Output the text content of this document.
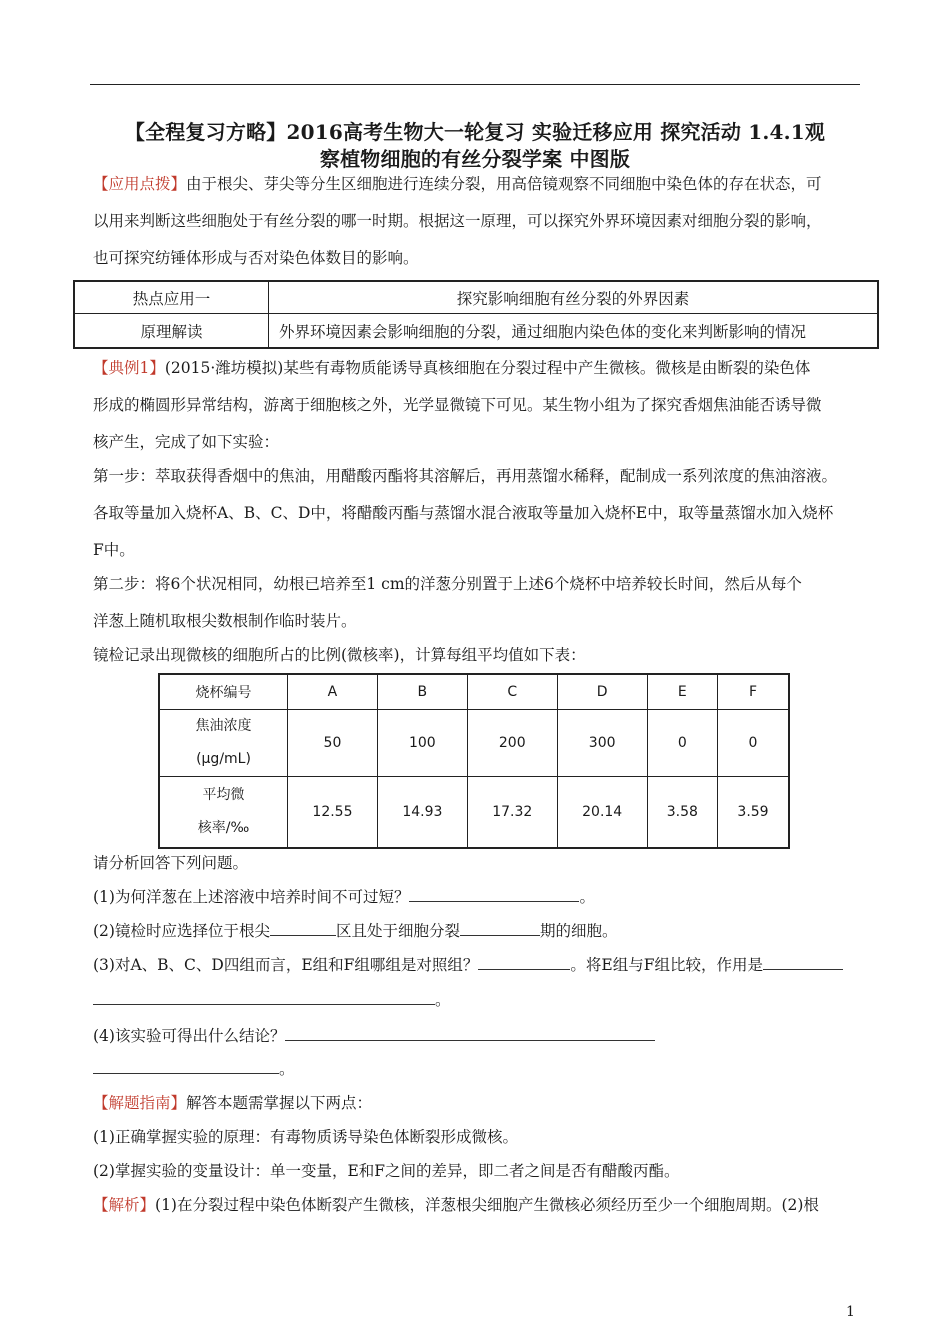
【全程复习方略】2016高考生物大一轮复习 实验迁移应用 探究活动 1.4.1观
察植物细胞的有丝分裂学案 中图版
【应用点拨】由于根尖、芽尖等分生区细胞进行连续分裂，用高倍镜观察不同细胞中染色体的存在状态，可
以用来判断这些细胞处于有丝分裂的哪一时期。根据这一原理，可以探究外界环境因素对细胞分裂的影响，
也可探究纺锤体形成与否对染色体数目的影响。
热点应用一	探究影响细胞有丝分裂的外界因素
原理解读	外界环境因素会影响细胞的分裂，通过细胞内染色体的变化来判断影响的情况
【典例1】(2015·潍坊模拟)某些有毒物质能诱导真核细胞在分裂过程中产生微核。微核是由断裂的染色体
形成的椭圆形异常结构，游离于细胞核之外，光学显微镜下可见。某生物小组为了探究香烟焦油能否诱导微
核产生，完成了如下实验：
第一步：萃取获得香烟中的焦油，用醋酸丙酯将其溶解后，再用蒸馏水稀释，配制成一系列浓度的焦油溶液。
各取等量加入烧杯A、B、C、D中，将醋酸丙酯与蒸馏水混合液取等量加入烧杯E中，取等量蒸馏水加入烧杯
F中。
第二步：将6个状况相同，幼根已培养至1 cm的洋葱分别置于上述6个烧杯中培养较长时间，然后从每个
洋葱上随机取根尖数根制作临时装片。
镜检记录出现微核的细胞所占的比例(微核率)，计算每组平均值如下表：
烧杯编号	A	B	C	D	E	F

焦油浓度
(μg/mL)	50	100	200	300	0	0

平均微
核率/‰	12.55	14.93	17.32	20.14	3.58	3.59
请分析回答下列问题。
(1)为何洋葱在上述溶液中培养时间不可过短？	。
(2)镜检时应选择位于根尖	区且处于细胞分裂	期的细胞。
(3)对A、B、C、D四组而言，E组和F组哪组是对照组？	。将E组与F组比较，作用是
。
(4)该实验可得出什么结论？
。
【解题指南】解答本题需掌握以下两点：
(1)正确掌握实验的原理：有毒物质诱导染色体断裂形成微核。
(2)掌握实验的变量设计：单一变量，E和F之间的差异，即二者之间是否有醋酸丙酯。
【解析】(1)在分裂过程中染色体断裂产生微核，洋葱根尖细胞产生微核必须经历至少一个细胞周期。(2)根
1
